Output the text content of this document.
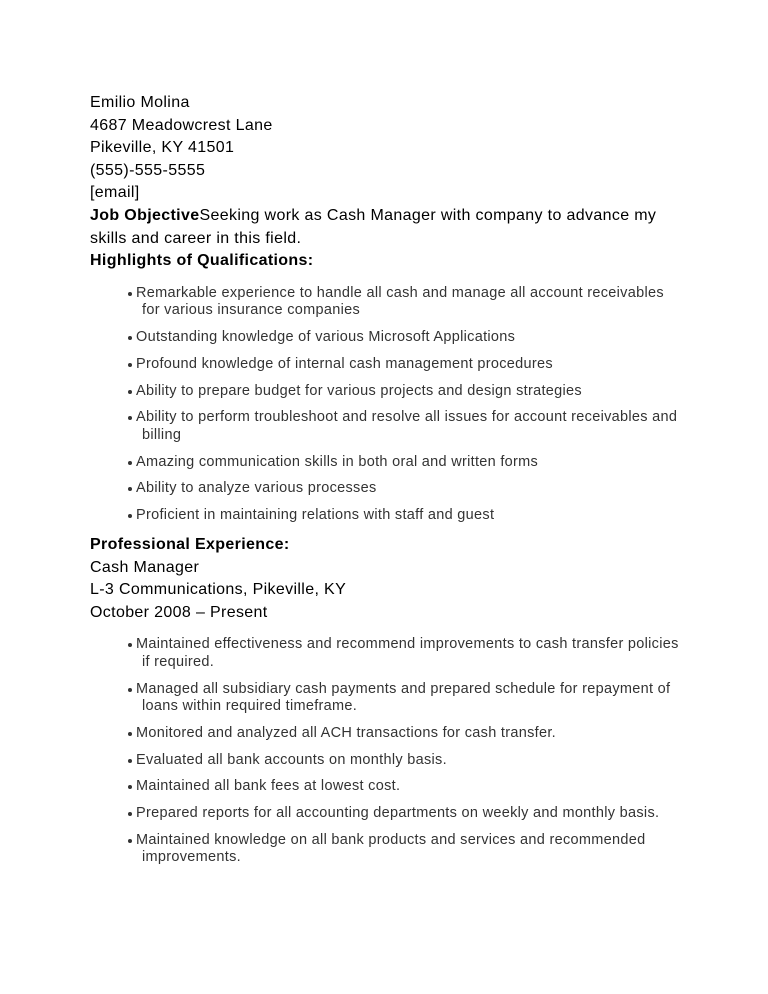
Emilio Molina
4687 Meadowcrest Lane
Pikeville, KY 41501
(555)-555-5555
[email]
Job ObjectiveSeeking work as Cash Manager with company to advance my skills and career in this field.
Highlights of Qualifications:
Remarkable experience to handle all cash and manage all account receivables for various insurance companies
Outstanding knowledge of various Microsoft Applications
Profound knowledge of internal cash management procedures
Ability to prepare budget for various projects and design strategies
Ability to perform troubleshoot and resolve all issues for account receivables and billing
Amazing communication skills in both oral and written forms
Ability to analyze various processes
Proficient in maintaining relations with staff and guest
Professional Experience:
Cash Manager
L-3 Communications, Pikeville, KY
October 2008 – Present
Maintained effectiveness and recommend improvements to cash transfer policies if required.
Managed all subsidiary cash payments and prepared schedule for repayment of loans within required timeframe.
Monitored and analyzed all ACH transactions for cash transfer.
Evaluated all bank accounts on monthly basis.
Maintained all bank fees at lowest cost.
Prepared reports for all accounting departments on weekly and monthly basis.
Maintained knowledge on all bank products and services and recommended improvements.
